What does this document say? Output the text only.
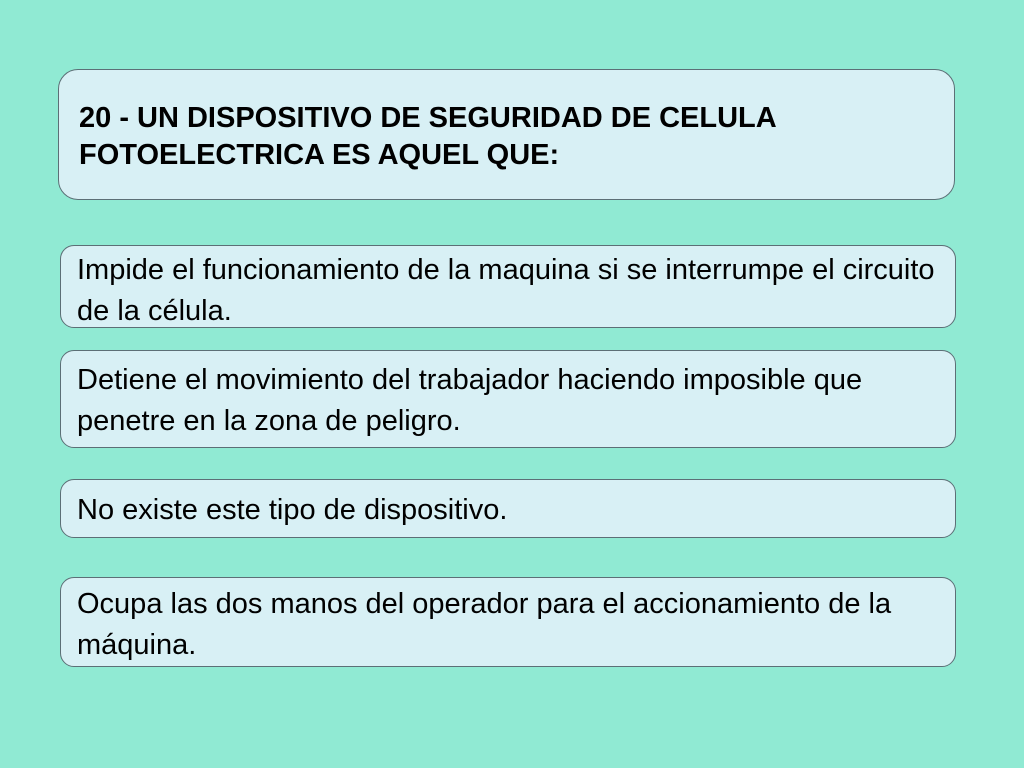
20 - UN DISPOSITIVO DE SEGURIDAD DE CELULA FOTOELECTRICA ES AQUEL QUE:

Impide el funcionamiento de la maquina si se interrumpe el circuito de la célula.
Detiene el movimiento del trabajador haciendo imposible que penetre en la zona de peligro.
No existe este tipo de dispositivo.
Ocupa las dos manos del operador para el accionamiento de la máquina.
